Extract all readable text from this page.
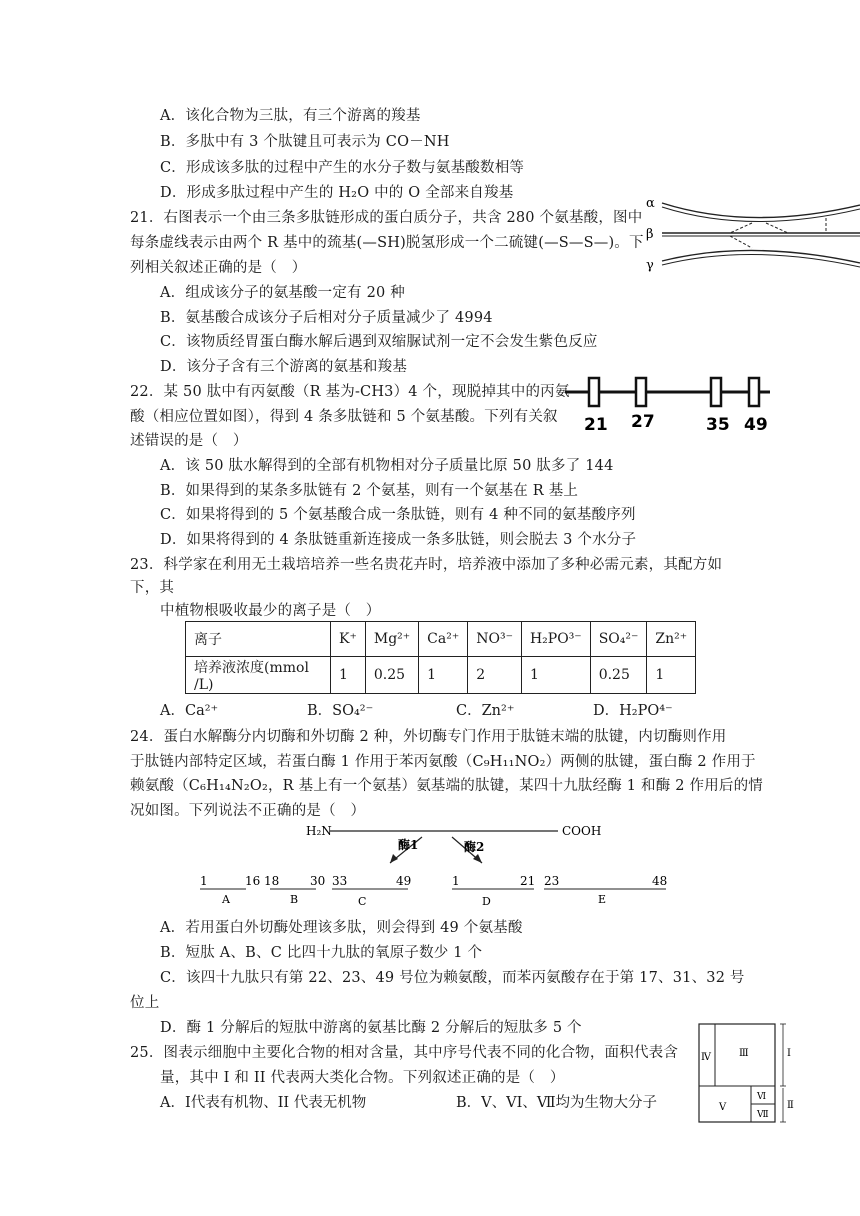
A．该化合物为三肽，有三个游离的羧基
B．多肽中有 3 个肽键且可表示为 CO－NH
C．形成该多肽的过程中产生的水分子数与氨基酸数相等
D．形成多肽过程中产生的 H₂O 中的 O 全部来自羧基
21．右图表示一个由三条多肽链形成的蛋白质分子，共含 280 个氨基酸，图中
每条虚线表示由两个 R 基中的巯基(—SH)脱氢形成一个二硫键(—S—S—)。下
列相关叙述正确的是（　）
A．组成该分子的氨基酸一定有 20 种
B．氨基酸合成该分子后相对分子质量减少了 4994
C．该物质经胃蛋白酶水解后遇到双缩脲试剂一定不会发生紫色反应
D．该分子含有三个游离的氨基和羧基
α
β
γ
22．某 50 肽中有丙氨酸（R 基为-CH3）4 个，现脱掉其中的丙氨
酸（相应位置如图），得到 4 条多肽链和 5 个氨基酸。下列有关叙
述错误的是（　）
A．该 50 肽水解得到的全部有机物相对分子质量比原 50 肽多了 144
B．如果得到的某条多肽链有 2 个氨基，则有一个氨基在 R 基上
C．如果将得到的 5 个氨基酸合成一条肽链，则有 4 种不同的氨基酸序列
D．如果将得到的 4 条肽链重新连接成一条多肽链，则会脱去 3 个水分子
21 27	35 49
23．科学家在利用无土栽培培养一些名贵花卉时，培养液中添加了多种必需元素，其配方如
下，其
中植物根吸收最少的离子是（　）
离子	K⁺	Mg²⁺	Ca²⁺	NO³⁻	H₂PO³⁻	SO₄²⁻	Zn²⁺
培养液浓度(mmol /L)	1	0.25	1	2	1	0.25	1
A．Ca²⁺	B．SO₄²⁻	C．Zn²⁺	D．H₂PO⁴⁻
24．蛋白水解酶分内切酶和外切酶 2 种，外切酶专门作用于肽链末端的肽键，内切酶则作用
于肽链内部特定区域，若蛋白酶 1 作用于苯丙氨酸（C₉H₁₁NO₂）两侧的肽键，蛋白酶 2 作用于
赖氨酸（C₆H₁₄N₂O₂，R 基上有一个氨基）氨基端的肽键，某四十九肽经酶 1 和酶 2 作用后的情
况如图。下列说法不正确的是（　）
H₂N	COOH
酶1	酶2
1	16
A
18	30
B
33	49
C
1	21
D
23	48
E
A．若用蛋白外切酶处理该多肽，则会得到 49 个氨基酸
B．短肽 A、B、C 比四十九肽的氧原子数少 1 个
C．该四十九肽只有第 22、23、49 号位为赖氨酸，而苯丙氨酸存在于第 17、31、32 号
位上
D．酶 1 分解后的短肽中游离的氨基比酶 2 分解后的短肽多 5 个
25．图表示细胞中主要化合物的相对含量，其中序号代表不同的化合物，面积代表含
量，其中 I 和 II 代表两大类化合物。下列叙述正确的是（　）
A．Ⅰ代表有机物、II 代表无机物	B．V、VI、Ⅶ均为生物大分子
Ⅳ	Ⅲ	Ⅰ
Ⅴ
Ⅵ
Ⅶ
Ⅱ
